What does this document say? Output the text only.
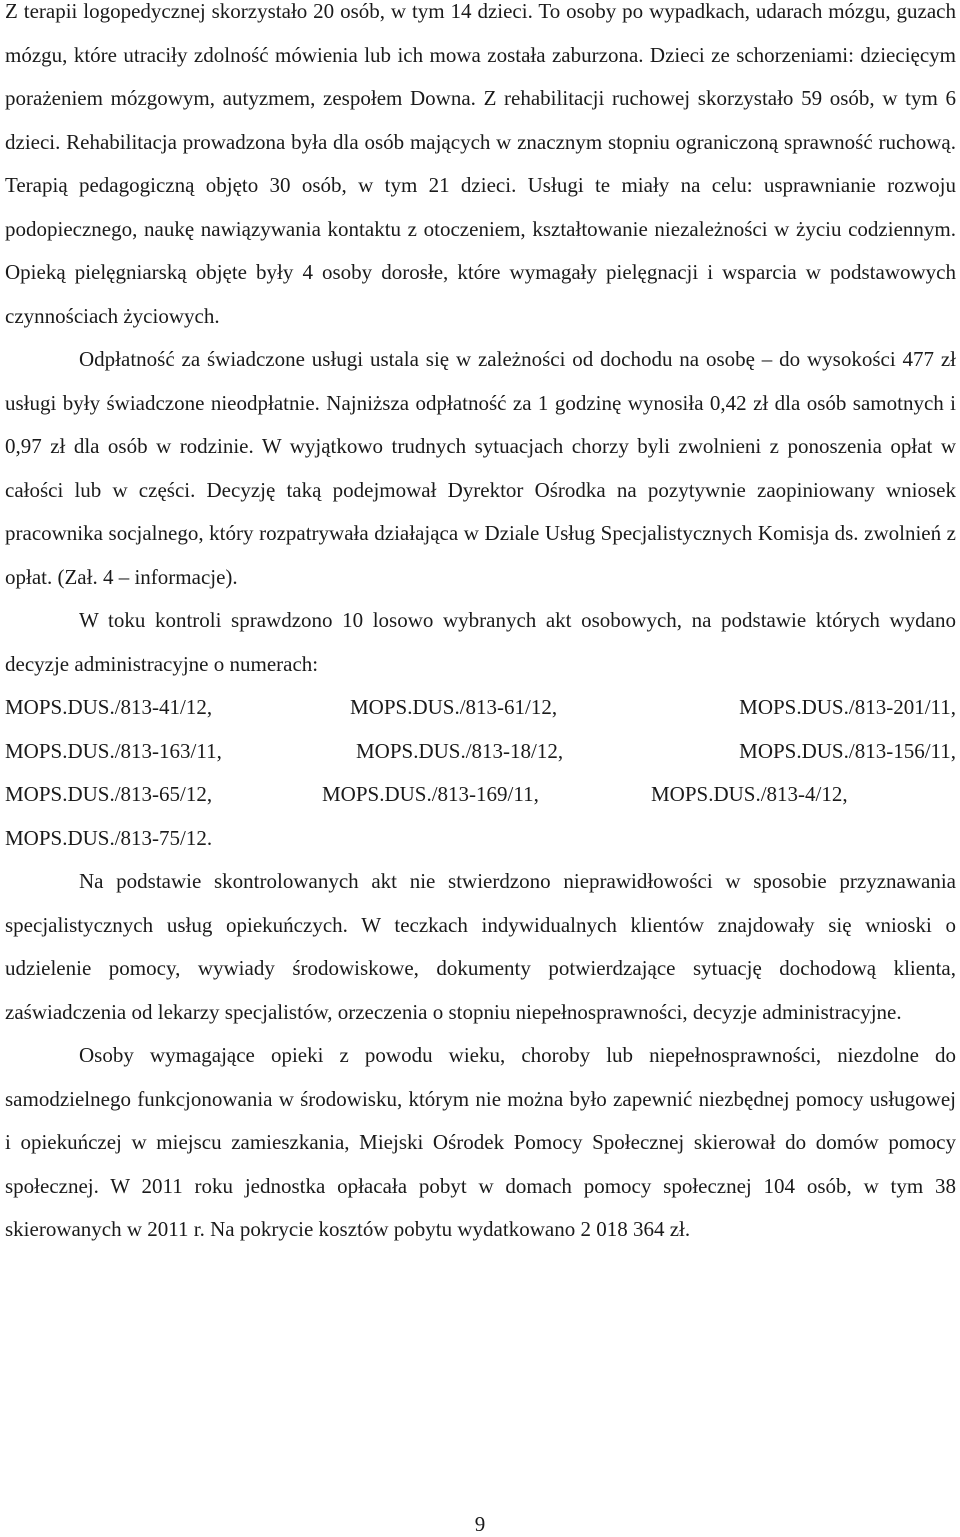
Z terapii logopedycznej skorzystało 20 osób, w tym 14 dzieci. To osoby po wypadkach, udarach mózgu, guzach mózgu, które utraciły zdolność mówienia lub ich mowa została zaburzona. Dzieci ze schorzeniami: dziecięcym porażeniem mózgowym, autyzmem, zespołem Downa. Z rehabilitacji ruchowej skorzystało 59 osób, w tym 6 dzieci. Rehabilitacja prowadzona była dla osób mających w znacznym stopniu ograniczoną sprawność ruchową. Terapią pedagogiczną objęto 30 osób, w tym 21 dzieci. Usługi te miały na celu: usprawnianie rozwoju podopiecznego, naukę nawiązywania kontaktu z otoczeniem, kształtowanie niezależności w życiu codziennym. Opieką pielęgniarską objęte były 4 osoby dorosłe, które wymagały pielęgnacji i wsparcia w podstawowych czynnościach życiowych.

Odpłatność za świadczone usługi ustala się w zależności od dochodu na osobę – do wysokości 477 zł usługi były świadczone nieodpłatnie. Najniższa odpłatność za 1 godzinę wynosiła 0,42 zł dla osób samotnych i 0,97 zł dla osób w rodzinie. W wyjątkowo trudnych sytuacjach chorzy byli zwolnieni z ponoszenia opłat w całości lub w części. Decyzję taką podejmował Dyrektor Ośrodka na pozytywnie zaopiniowany wniosek pracownika socjalnego, który rozpatrywała działająca w Dziale Usług Specjalistycznych Komisja ds. zwolnień z opłat. (Zał. 4 – informacje).

W toku kontroli sprawdzono 10 losowo wybranych akt osobowych, na podstawie których wydano decyzje administracyjne o numerach:

MOPS.DUS./813-41/12,	MOPS.DUS./813-61/12,	MOPS.DUS./813-201/11,
MOPS.DUS./813-163/11,	MOPS.DUS./813-18/12,	MOPS.DUS./813-156/11,
MOPS.DUS./813-65/12,	MOPS.DUS./813-169/11,	MOPS.DUS./813-4/12,
MOPS.DUS./813-75/12.

Na podstawie skontrolowanych akt nie stwierdzono nieprawidłowości w sposobie przyznawania specjalistycznych usług opiekuńczych. W teczkach indywidualnych klientów znajdowały się wnioski o udzielenie pomocy, wywiady środowiskowe, dokumenty potwierdzające sytuację dochodową klienta, zaświadczenia od lekarzy specjalistów, orzeczenia o stopniu niepełnosprawności, decyzje administracyjne.

Osoby wymagające opieki z powodu wieku, choroby lub niepełnosprawności, niezdolne do samodzielnego funkcjonowania w środowisku, którym nie można było zapewnić niezbędnej pomocy usługowej i opiekuńczej w miejscu zamieszkania, Miejski Ośrodek Pomocy Społecznej skierował do domów pomocy społecznej. W 2011 roku jednostka opłacała pobyt w domach pomocy społecznej 104 osób, w tym 38 skierowanych w 2011 r. Na pokrycie kosztów pobytu wydatkowano 2 018 364 zł.

9
